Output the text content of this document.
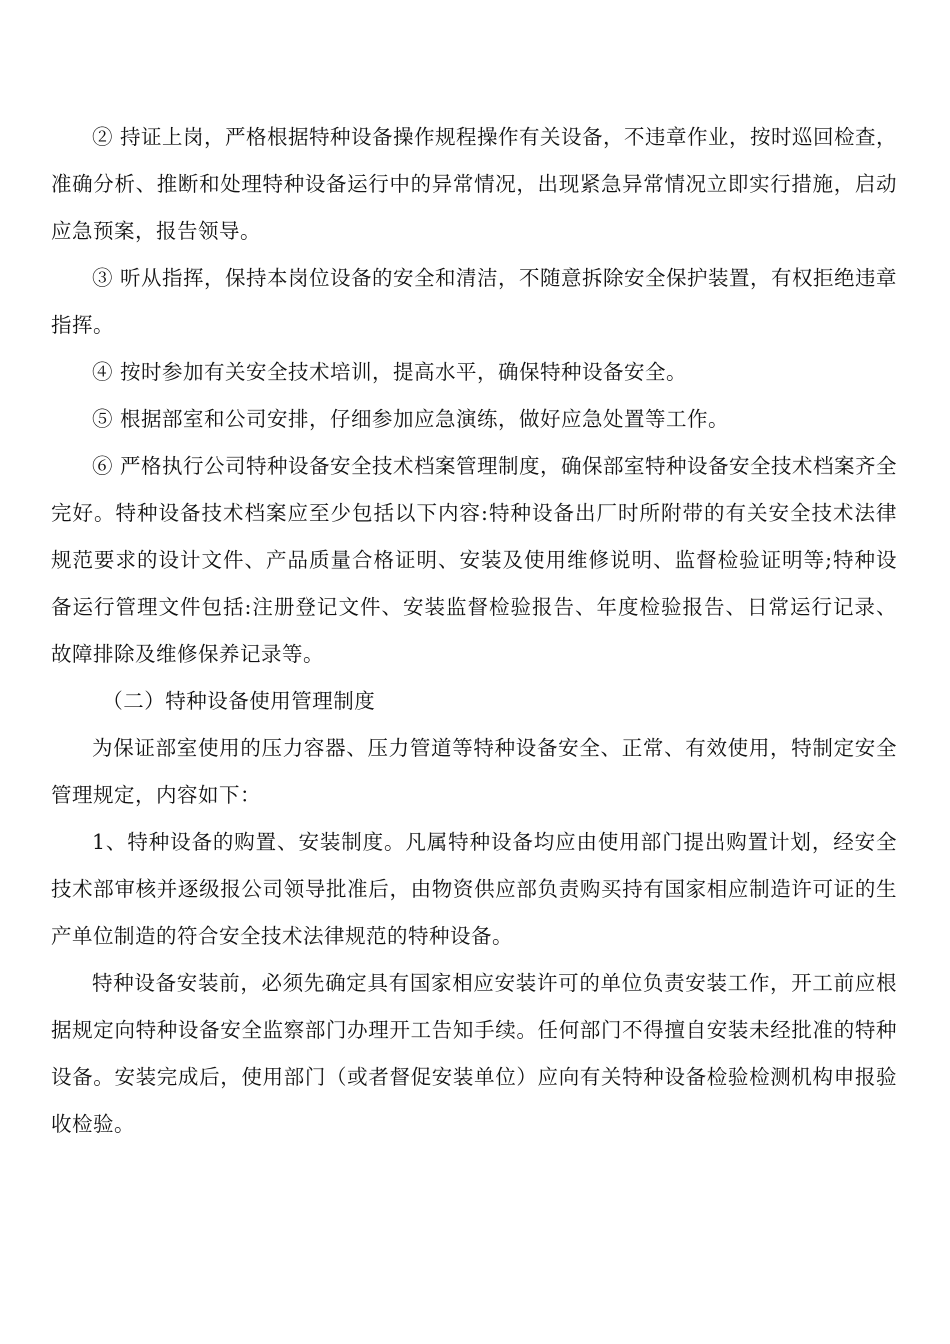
② 持证上岗，严格根据特种设备操作规程操作有关设备，不违章作业，按时巡回检查，准确分析、推断和处理特种设备运行中的异常情况，出现紧急异常情况立即实行措施，启动应急预案，报告领导。

③ 听从指挥，保持本岗位设备的安全和清洁，不随意拆除安全保护装置，有权拒绝违章指挥。

④ 按时参加有关安全技术培训，提高水平，确保特种设备安全。

⑤ 根据部室和公司安排，仔细参加应急演练，做好应急处置等工作。

⑥ 严格执行公司特种设备安全技术档案管理制度，确保部室特种设备安全技术档案齐全完好。特种设备技术档案应至少包括以下内容:特种设备出厂时所附带的有关安全技术法律规范要求的设计文件、产品质量合格证明、安装及使用维修说明、监督检验证明等;特种设备运行管理文件包括:注册登记文件、安装监督检验报告、年度检验报告、日常运行记录、故障排除及维修保养记录等。

（二）特种设备使用管理制度

为保证部室使用的压力容器、压力管道等特种设备安全、正常、有效使用，特制定安全管理规定，内容如下：

1、特种设备的购置、安装制度。凡属特种设备均应由使用部门提出购置计划，经安全技术部审核并逐级报公司领导批准后，由物资供应部负责购买持有国家相应制造许可证的生产单位制造的符合安全技术法律规范的特种设备。

特种设备安装前，必须先确定具有国家相应安装许可的单位负责安装工作，开工前应根据规定向特种设备安全监察部门办理开工告知手续。任何部门不得擅自安装未经批准的特种设备。安装完成后，使用部门（或者督促安装单位）应向有关特种设备检验检测机构申报验收检验。
